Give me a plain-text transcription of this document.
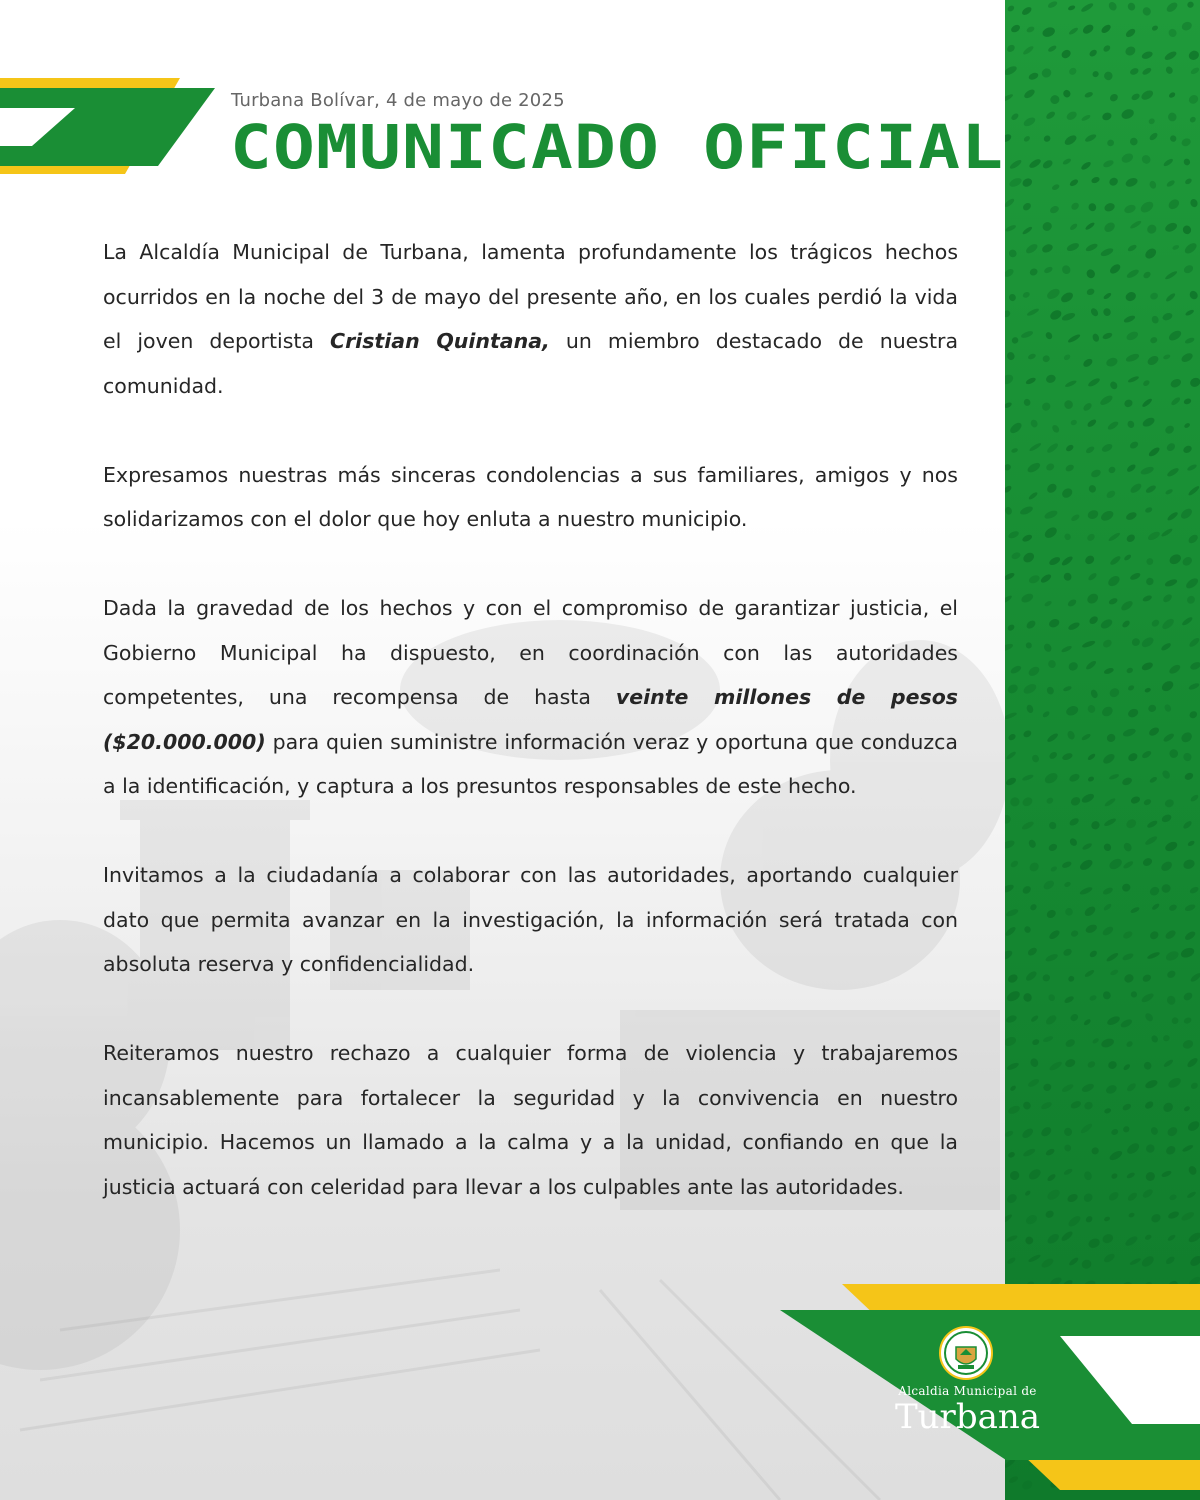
Turbana Bolívar, 4 de mayo de 2025

COMUNICADO OFICIAL

La Alcaldía Municipal de Turbana, lamenta profundamente los trágicos hechos ocurridos en la noche del 3 de mayo del presente año, en los cuales perdió la vida el joven deportista Cristian Quintana, un miembro destacado de nuestra comunidad.

Expresamos nuestras más sinceras condolencias a sus familiares, amigos y nos solidarizamos con el dolor que hoy enluta a nuestro municipio.

Dada la gravedad de los hechos y con el compromiso de garantizar justicia, el Gobierno Municipal ha dispuesto, en coordinación con las autoridades competentes, una recompensa de hasta veinte millones de pesos ($20.000.000) para quien suministre información veraz y oportuna que conduzca a la identificación, y captura a los presuntos responsables de este hecho.

Invitamos a la ciudadanía a colaborar con las autoridades, aportando cualquier dato que permita avanzar en la investigación, la información será tratada con absoluta reserva y confidencialidad.

Reiteramos nuestro rechazo a cualquier forma de violencia y trabajaremos incansablemente para fortalecer la seguridad y la convivencia en nuestro municipio. Hacemos un llamado a la calma y a la unidad, confiando en que la justicia actuará con celeridad para llevar a los culpables ante las autoridades.

Alcaldia Municipal de
Turbana
